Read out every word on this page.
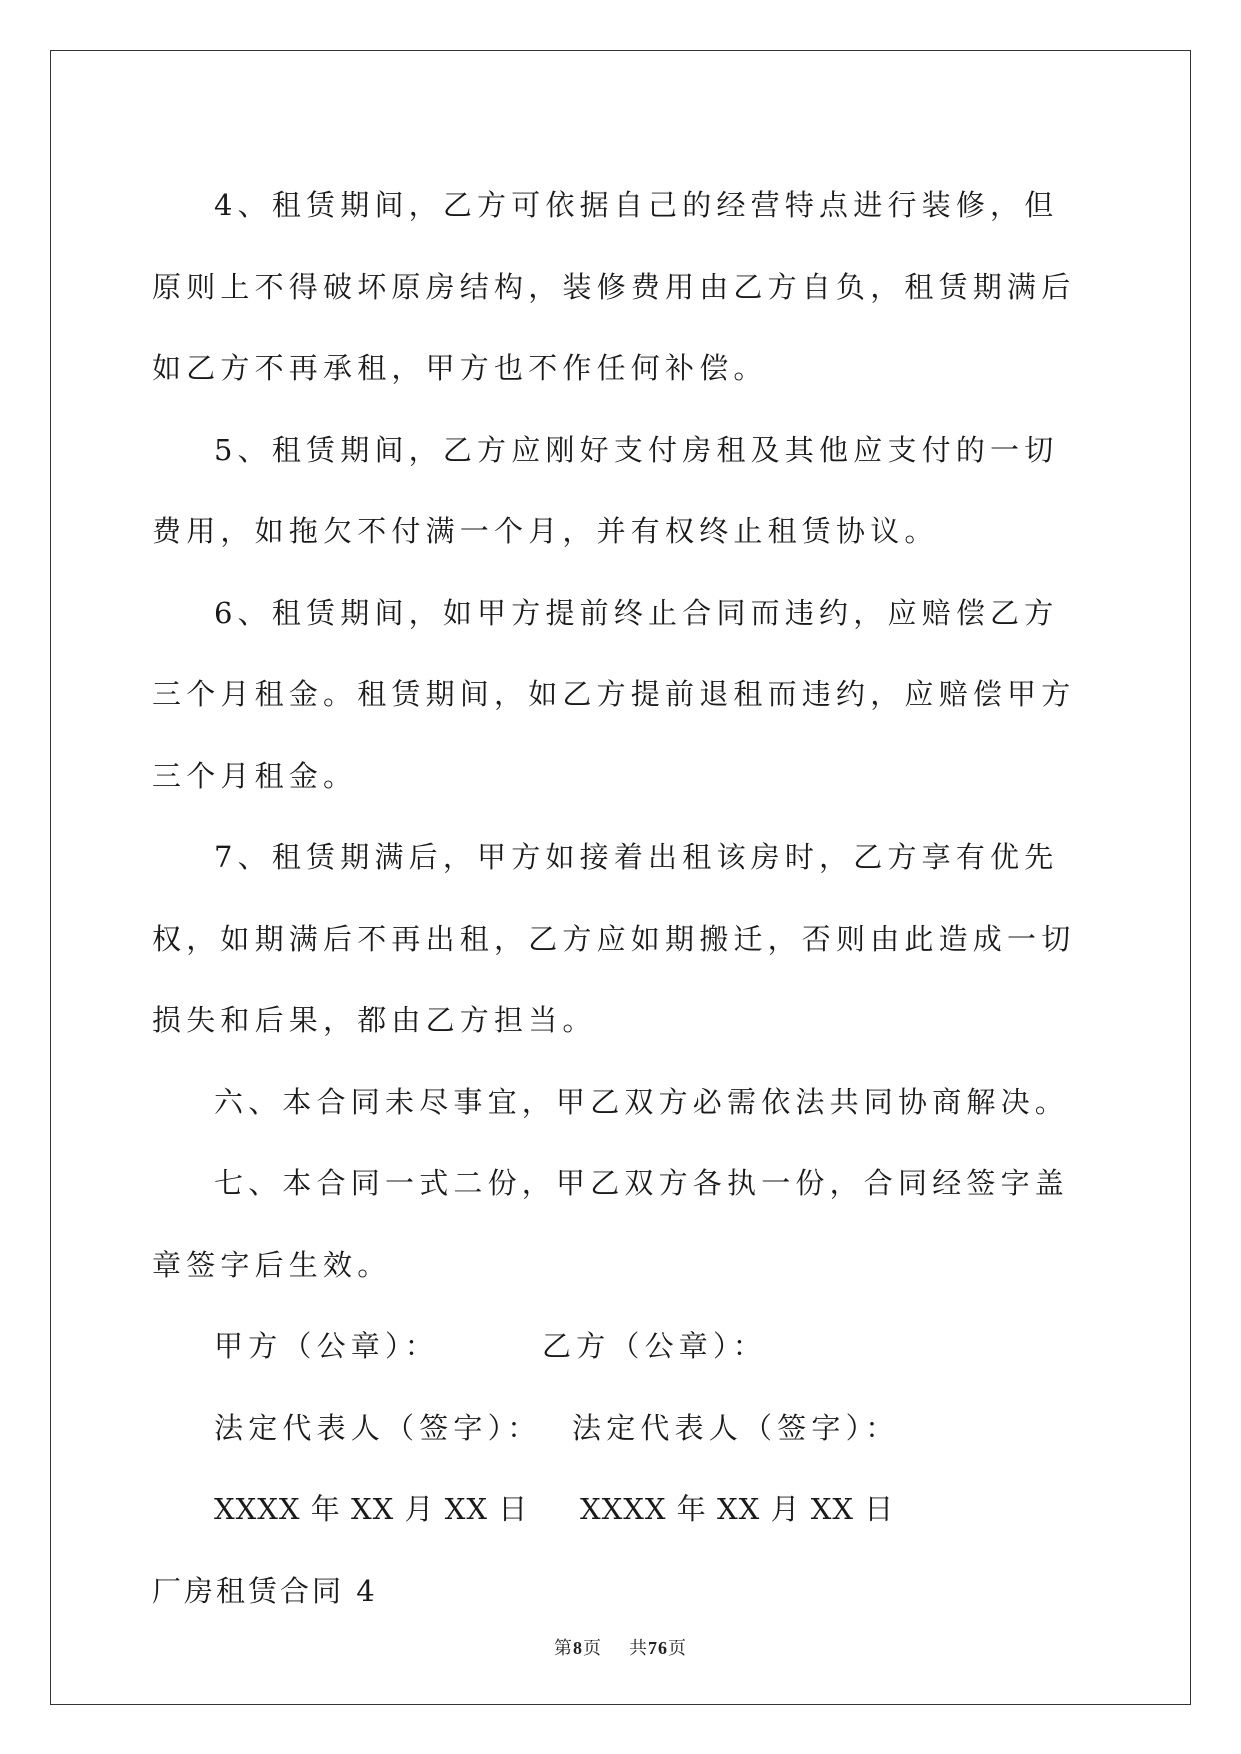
4、租赁期间，乙方可依据自己的经营特点进行装修，但原则上不得破坏原房结构，装修费用由乙方自负，租赁期满后如乙方不再承租，甲方也不作任何补偿。

5、租赁期间，乙方应刚好支付房租及其他应支付的一切费用，如拖欠不付满一个月，并有权终止租赁协议。

6、租赁期间，如甲方提前终止合同而违约，应赔偿乙方三个月租金。租赁期间，如乙方提前退租而违约，应赔偿甲方三个月租金。

7、租赁期满后，甲方如接着出租该房时，乙方享有优先权，如期满后不再出租，乙方应如期搬迁，否则由此造成一切损失和后果，都由乙方担当。

六、本合同未尽事宜，甲乙双方必需依法共同协商解决。

七、本合同一式二份，甲乙双方各执一份，合同经签字盖章签字后生效。

甲方（公章）：	乙方（公章）：
法定代表人（签字）： 法定代表人（签字）：
XXXX 年 XX 月 XX 日 XXXX 年 XX 月 XX 日

厂房租赁合同 4

第8页 共76页
